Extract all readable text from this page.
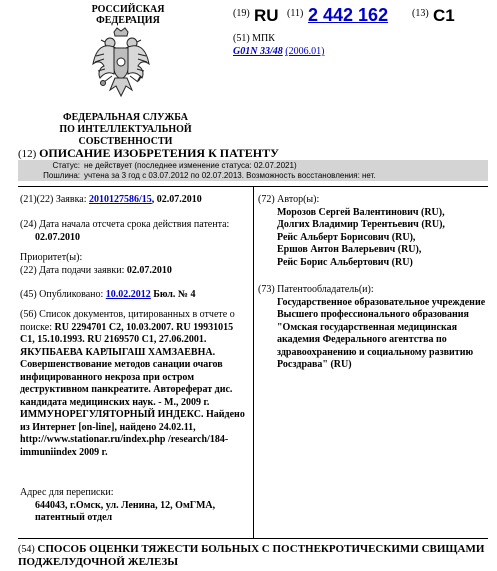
РОССИЙСКАЯ ФЕДЕРАЦИЯ
ФЕДЕРАЛЬНАЯ СЛУЖБА
ПО ИНТЕЛЛЕКТУАЛЬНОЙ СОБСТВЕННОСТИ
(19) RU (11) 2 442 162 (13) C1
(51) МПК
G01N 33/48 (2006.01)
(12) ОПИСАНИЕ ИЗОБРЕТЕНИЯ К ПАТЕНТУ
Статус: не действует (последнее изменение статуса: 02.07.2021)
Пошлина: учтена за 3 год с 03.07.2012 по 02.07.2013. Возможность восстановления: нет.
(21)(22) Заявка: 2010127586/15, 02.07.2010
(24) Дата начала отсчета срока действия патента:
02.07.2010
Приоритет(ы):
(22) Дата подачи заявки: 02.07.2010
(45) Опубликовано: 10.02.2012 Бюл. № 4
(56) Список документов, цитированных в отчете о поиске: RU 2294701 C2, 10.03.2007. RU 19931015 C1, 15.10.1993. RU 2169570 C1, 27.06.2001. ЯКУПБАЕВА КАРЛЫГАШ ХАМЗАЕВНА. Совершенствование методов санации очагов инфицированного некроза при остром деструктивном панкреатите. Автореферат дис. кандидата медицинских наук. - М., 2009 г. ИММУНОРЕГУЛЯТОРНЫЙ ИНДЕКС. Найдено из Интернет [on-line], найдено 24.02.11, http://www.stationar.ru/index.php /research/184-immuniindex 2009 г.
Адрес для переписки:
644043, г.Омск, ул. Ленина, 12, ОмГМА, патентный отдел
(72) Автор(ы):
Морозов Сергей Валентинович (RU),
Долгих Владимир Терентьевич (RU),
Рейс Альберт Борисович (RU),
Ершов Антон Валерьевич (RU),
Рейс Борис Альбертович (RU)
(73) Патентообладатель(и):
Государственное образовательное учреждение Высшего профессионального образования "Омская государственная медицинская академия Федерального агентства по здравоохранению и социальному развитию Росздрава" (RU)
(54) СПОСОБ ОЦЕНКИ ТЯЖЕСТИ БОЛЬНЫХ С ПОСТНЕКРОТИЧЕСКИМИ СВИЩАМИ ПОДЖЕЛУДОЧНОЙ ЖЕЛЕЗЫ
